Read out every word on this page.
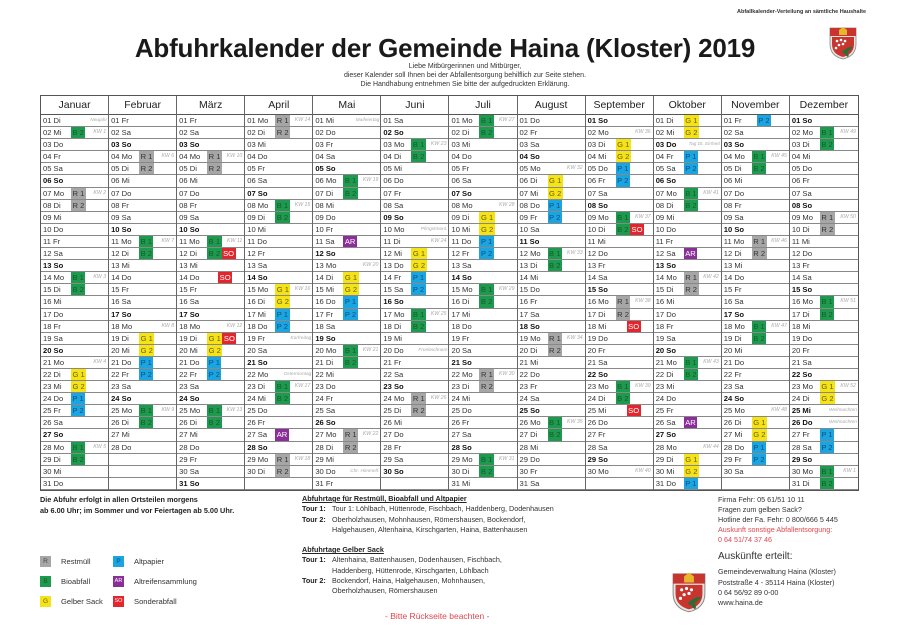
Abfallkalender-Verteilung an sämtliche Haushalte
Abfuhrkalender der Gemeinde Haina (Kloster) 2019
Liebe Mitbürgerinnen und Mitbürger,
dieser Kalender soll Ihnen bei der Abfallentsorgung behilflich zur Seite stehen.
Die Handhabung entnehmen Sie bitte der aufgedruckten Erklärung.
Januar
01 Di	Neujahr
02 Mi B 2 KW 1
03 Do
04 Fr
05 Sa
06 So
07 Mo R 1 KW 2
08 Di R 2
09 Mi
10 Do
11 Fr
12 Sa
13 So
14 Mo B 1 KW 3
15 Di B 2
16 Mi
17 Do
18 Fr
19 Sa
20 So
21 Mo	KW 4
22 Di G 1
23 Mi G 2
24 Do P 1
25 Fr P 2
26 Sa
27 So
28 Mo B 1 KW 5
29 Di B 2
30 Mi
31 Do
Februar
01 Fr
02 Sa
03 So
04 Mo R 1 KW 6
05 Di R 2
06 Mi
07 Do
08 Fr
09 Sa
10 So
11 Mo B 1 KW 7
12 Di B 2
13 Mi
14 Do
15 Fr
16 Sa
17 So
18 Mo	KW 8
19 Di G 1
20 Mi G 2
21 Do P 1
22 Fr P 2
23 Sa
24 So
25 Mo B 1 KW 9
26 Di B 2
27 Mi
28 Do
März
01 Fr
02 Sa
03 So
04 Mo R 1 KW 10
05 Di R 2
06 Mi
07 Do
08 Fr
09 Sa
10 So
11 Mo B 1 KW 11
12 Di B 2 SO
13 Mi
14 Do	SO
15 Fr
16 Sa
17 So
18 Mo	KW 12
19 Di G 1 SO
20 Mi G 2
21 Do P 1
22 Fr P 2
23 Sa
24 So
25 Mo B 1 KW 13
26 Di B 2
27 Mi
28 Do
29 Fr
30 Sa
31 So
April
01 Mo R 1 KW 14
02 Di R 2
03 Mi
04 Do
05 Fr
06 Sa
07 So
08 Mo B 1 KW 15
09 Di B 2
10 Mi
11 Do
12 Fr
13 Sa
14 So
15 Mo G 1 KW 16
16 Di G 2
17 Mi P 1
18 Do P 2
19 Fr	Karfreitag
20 Sa
21 So
22 Mo	Ostermontag
23 Di B 1 KW 17
24 Mi B 2
25 Do
26 Fr
27 Sa AR
28 So
29 Mo R 1 KW 18
30 Di R 2
Mai
01 Mi	Maifeiertag
02 Do
03 Fr
04 Sa
05 So
06 Mo B 1 KW 19
07 Di B 2
08 Mi
09 Do
10 Fr
11 Sa AR
12 So
13 Mo	KW 20
14 Di G 1
15 Mi G 2
16 Do P 1
17 Fr P 2
18 Sa
19 So
20 Mo B 1 KW 21
21 Di B 2
22 Mi
23 Do
24 Fr
25 Sa
26 So
27 Mo R 1 KW 22
28 Di R 2
29 Mi
30 Do	Chr. Himmelf.
31 Fr
Juni
01 Sa
02 So
03 Mo B 1 KW 23
04 Di B 2
05 Mi
06 Do
07 Fr
08 Sa
09 So
10 Mo	Pfingstmont.
11 Di	KW 24
12 Mi G 1
13 Do G 2
14 Fr P 1
15 Sa P 2
16 So
17 Mo B 1 KW 25
18 Di B 2
19 Mi
20 Do	Fronleichnam
21 Fr
22 Sa
23 So
24 Mo R 1 KW 26
25 Di R 2
26 Mi
27 Do
28 Fr
29 Sa
30 So
Juli
01 Mo B 1 KW 27
02 Di B 2
03 Mi
04 Do
05 Fr
06 Sa
07 So
08 Mo	KW 28
09 Di G 1
10 Mi G 2
11 Do P 1
12 Fr P 2
13 Sa
14 So
15 Mo B 1 KW 29
16 Di B 2
17 Mi
18 Do
19 Fr
20 Sa
21 So
22 Mo R 1 KW 30
23 Di R 2
24 Mi
25 Do
26 Fr
27 Sa
28 So
29 Mo B 1 KW 31
30 Di B 2
31 Mi
August
01 Do
02 Fr
03 Sa
04 So
05 Mo	KW 32
06 Di G 1
07 Mi G 2
08 Do P 1
09 Fr P 2
10 Sa
11 So
12 Mo B 1 KW 33
13 Di B 2
14 Mi
15 Do
16 Fr
17 Sa
18 So
19 Mo R 1 KW 34
20 Di R 2
21 Mi
22 Do
23 Fr
24 Sa
25 So
26 Mo B 1 KW 35
27 Di B 2
28 Mi
29 Do
30 Fr
31 Sa
September
01 So
02 Mo	KW 36
03 Di G 1
04 Mi G 2
05 Do P 1
06 Fr P 2
07 Sa
08 So
09 Mo B 1 KW 37
10 Di B 2 SO
11 Mi
12 Do
13 Fr
14 Sa
15 So
16 Mo R 1 KW 38
17 Di R 2
18 Mi	SO
19 Do
20 Fr
21 Sa
22 So
23 Mo B 1 KW 39
24 Di B 2
25 Mi	SO
26 Do
27 Fr
28 Sa
29 So
30 Mo	KW 40
Oktober
01 Di G 1
02 Mi G 2
03 Do	Tag Dt. Einheit
04 Fr P 1
05 Sa P 2
06 So
07 Mo B 1 KW 41
08 Di B 2
09 Mi
10 Do
11 Fr
12 Sa AR
13 So
14 Mo R 1 KW 42
15 Di R 2
16 Mi
17 Do
18 Fr
19 Sa
20 So
21 Mo B 1 KW 43
22 Di B 2
23 Mi
24 Do
25 Fr
26 Sa AR
27 So
28 Mo	KW 44
29 Di G 1
30 Mi G 2
31 Do P 1
November
01 Fr P 2
02 Sa
03 So
04 Mo B 1 KW 45
05 Di B 2
06 Mi
07 Do
08 Fr
09 Sa
10 So
11 Mo R 1 KW 46
12 Di R 2
13 Mi
14 Do
15 Fr
16 Sa
17 So
18 Mo B 1 KW 47
19 Di B 2
20 Mi
21 Do
22 Fr
23 Sa
24 So
25 Mo	KW 48
26 Di G 1
27 Mi G 2
28 Do P 1
29 Fr P 2
30 Sa
Dezember
01 So
02 Mo B 1 KW 49
03 Di B 2
04 Mi
05 Do
06 Fr
07 Sa
08 So
09 Mo R 1 KW 50
10 Di R 2
11 Mi
12 Do
13 Fr
14 Sa
15 So
16 Mo B 1 KW 51
17 Di B 2
18 Mi
19 Do
20 Fr
21 Sa
22 So
23 Mo G 1 KW 52
24 Di G 2
25 Mi	Weihnachten
26 Do	Weihnachten
27 Fr P 1
28 Sa P 2
29 So
30 Mo B 1 KW 1
31 Di B 2
Die Abfuhr erfolgt in allen Ortsteilen morgens
ab 6.00 Uhr; im Sommer und vor Feiertagen ab 5.00 Uhr.
R	Restmüll	P	Altpapier
B	Bioabfall	AR Altreifensammlung
G	Gelber Sack SO Sonderabfall
Abfuhrtage für Restmüll, Bioabfall und Altpapier
Tour 1: Tour 1: Löhlbach, Hüttenrode, Fischbach, Haddenberg, Dodenhausen
Tour 2: Oberholzhausen, Mohnhausen, Römershausen, Bockendorf,
Halgehausen, Altenhaina, Kirschgarten, Haina, Battenhausen
Abfuhrtage Gelber Sack
Tour 1: Altenhaina, Battenhausen, Dodenhausen, Fischbach,
Haddenberg, Hüttenrode, Kirschgarten, Löhlbach
Tour 2: Bockendorf, Haina, Halgehausen, Mohnhausen,
Oberholzhausen, Römershausen
- Bitte Rückseite beachten -
Firma Fehr: 05 61/51 10 11
Fragen zum gelben Sack?
Hotline der Fa. Fehr: 0 800/666 5 445
Auskunft sonstige Abfallentsorgung:
0 64 51/74 37 46
Auskünfte erteilt:
Gemeindeverwaltung Haina (Kloster)
Poststraße 4 - 35114 Haina (Kloster)
0 64 56/92 89 0-00
www.haina.de
